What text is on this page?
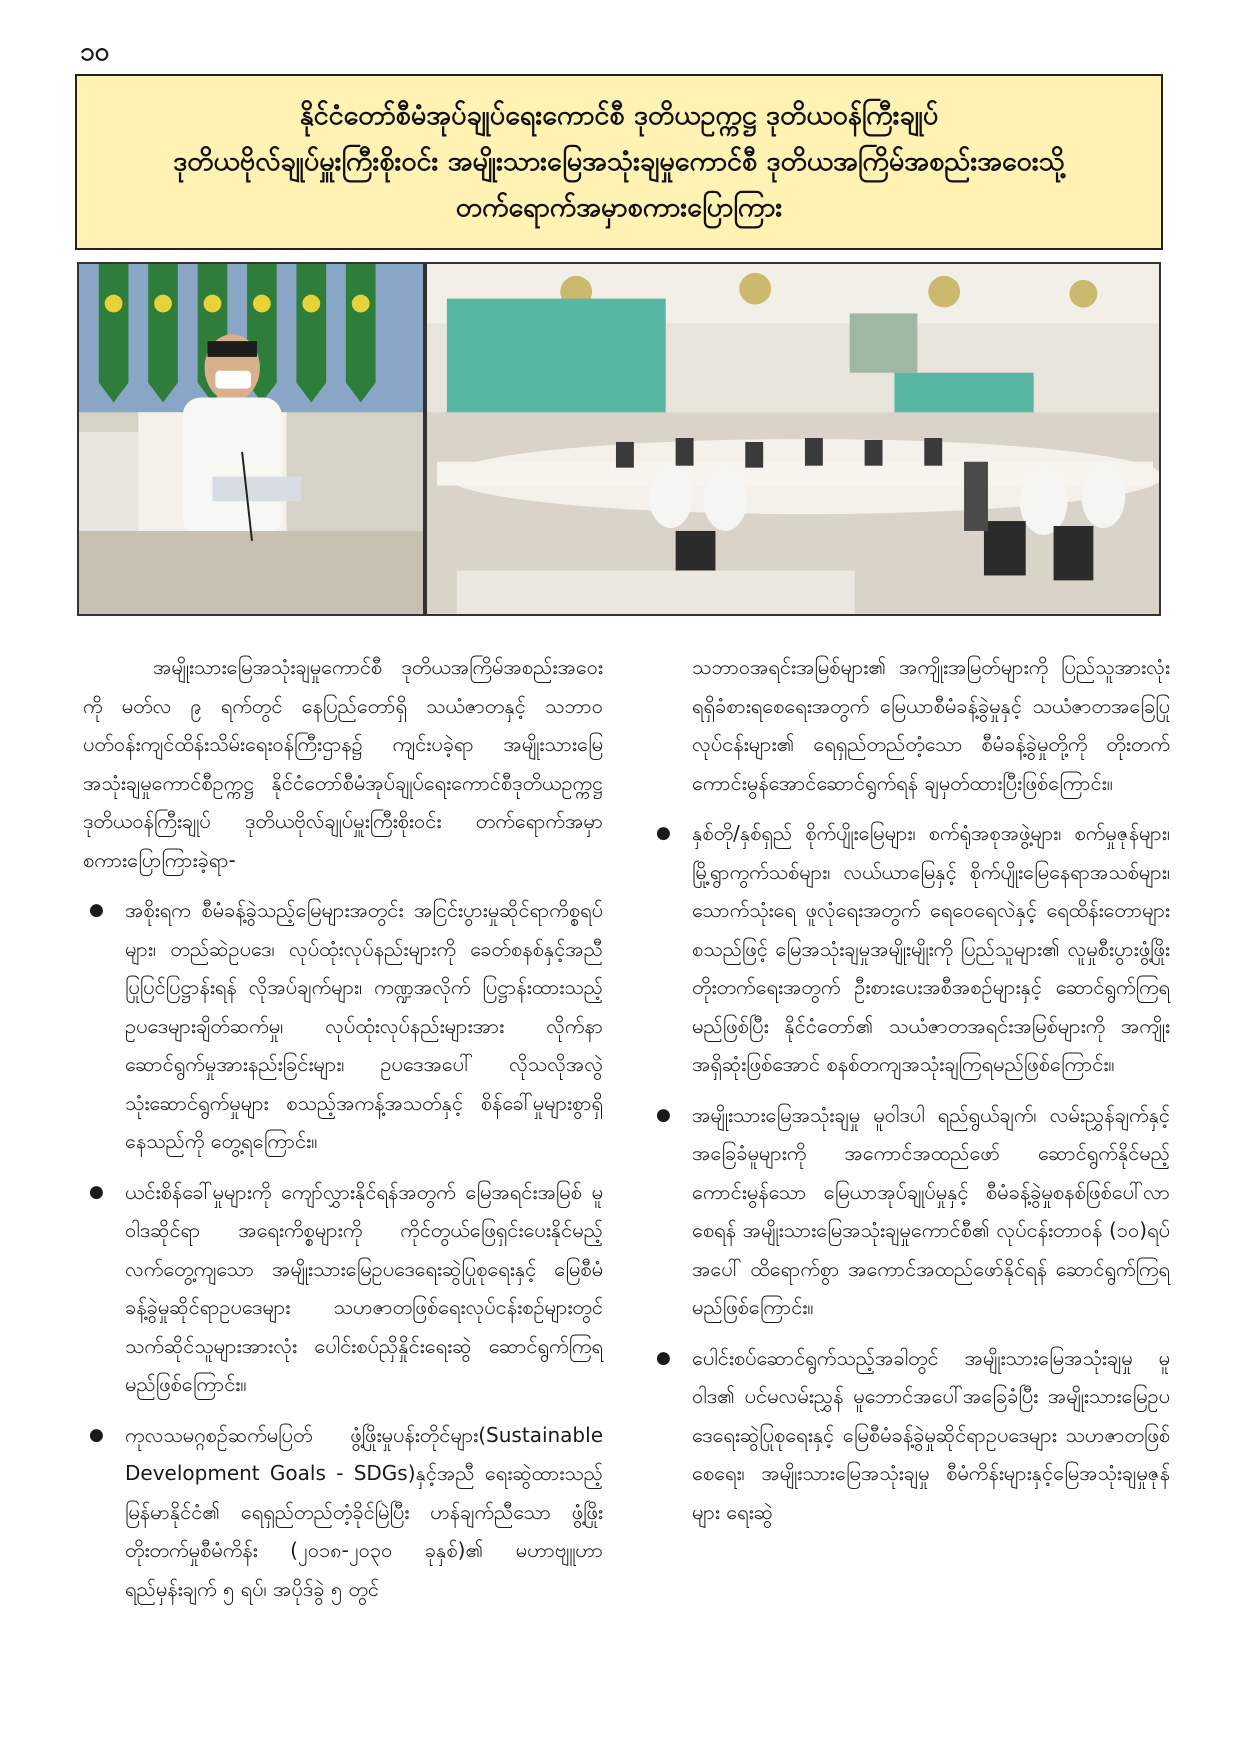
၁၀
နိုင်ငံတော်စီမံအုပ်ချုပ်ရေးကောင်စီ ဒုတိယဥက္ကဋ္ဌ ဒုတိယဝန်ကြီးချုပ်
ဒုတိယဗိုလ်ချုပ်မှူးကြီးစိုးဝင်း အမျိုးသားမြေအသုံးချမှုကောင်စီ ဒုတိယအကြိမ်အစည်းအဝေးသို့
တက်ရောက်အမှာစကားပြောကြား

အမျိုးသားမြေအသုံးချမှုကောင်စီ ဒုတိယအကြိမ်အစည်းအဝေးကို မတ်လ ၉ ရက်တွင် နေပြည်တော်ရှိ သယံဇာတနှင့် သဘာဝပတ်ဝန်းကျင်ထိန်းသိမ်းရေးဝန်ကြီးဌာန၌ ကျင်းပခဲ့ရာ အမျိုးသားမြေအသုံးချမှုကောင်စီဥက္ကဋ္ဌ နိုင်ငံတော်စီမံအုပ်ချုပ်ရေးကောင်စီဒုတိယဥက္ကဋ္ဌ ဒုတိယဝန်ကြီးချုပ် ဒုတိယဗိုလ်ချုပ်မှူးကြီးစိုးဝင်း တက်ရောက်အမှာစကားပြောကြားခဲ့ရာ-

● အစိုးရက စီမံခန့်ခွဲသည့်မြေများအတွင်း အငြင်းပွားမှုဆိုင်ရာကိစ္စရပ်များ၊ တည်ဆဲဥပဒေ၊ လုပ်ထုံးလုပ်နည်းများကို ခေတ်စနစ်နှင့်အညီ ပြုပြင်ပြဋ္ဌာန်းရန် လိုအပ်ချက်များ၊ ကဏ္ဍအလိုက် ပြဋ္ဌာန်းထားသည့် ဥပဒေများချိတ်ဆက်မှု၊ လုပ်ထုံးလုပ်နည်းများအား လိုက်နာဆောင်ရွက်မှုအားနည်းခြင်းများ၊ ဥပဒေအပေါ် လိုသလိုအလွဲသုံးဆောင်ရွက်မှုများ စသည့်အကန့်အသတ်နှင့် စိန်ခေါ်မှုများစွာရှိနေသည်ကို တွေ့ရကြောင်း။
● ယင်းစိန်ခေါ်မှုများကို ကျော်လွှားနိုင်ရန်အတွက် မြေအရင်းအမြစ် မူဝါဒဆိုင်ရာ အရေးကိစ္စများကို ကိုင်တွယ်ဖြေရှင်းပေးနိုင်မည့် လက်တွေ့ကျသော အမျိုးသားမြေဥပဒေရေးဆွဲပြုစုရေးနှင့် မြေစီမံခန့်ခွဲမှုဆိုင်ရာဥပဒေများ သဟဇာတဖြစ်ရေးလုပ်ငန်းစဉ်များတွင် သက်ဆိုင်သူများအားလုံး ပေါင်းစပ်ညှိနှိုင်းရေးဆွဲ ဆောင်ရွက်ကြရမည်ဖြစ်ကြောင်း။
● ကုလသမဂ္ဂစဉ်ဆက်မပြတ် ဖွံ့ဖြိုးမှုပန်းတိုင်များ(Sustainable Development Goals - SDGs)နှင့်အညီ ရေးဆွဲထားသည့် မြန်မာနိုင်ငံ၏ ရေရှည်တည်တံ့ခိုင်မြဲပြီး ဟန်ချက်ညီသော ဖွံ့ဖြိုးတိုးတက်မှုစီမံကိန်း (၂၀၁၈-၂၀၃၀ ခုနှစ်)၏ မဟာဗျူဟာရည်မှန်းချက် ၅ ရပ်၊ အပိုဒ်ခွဲ ၅ တွင်

သဘာဝအရင်းအမြစ်များ၏ အကျိုးအမြတ်များကို ပြည်သူအားလုံးရရှိခံစားရစေရေးအတွက် မြေယာစီမံခန့်ခွဲမှုနှင့် သယံဇာတအခြေပြုလုပ်ငန်းများ၏ ရေရှည်တည်တံ့သော စီမံခန့်ခွဲမှုတို့ကို တိုးတက်ကောင်းမွန်အောင်ဆောင်ရွက်ရန် ချမှတ်ထားပြီးဖြစ်ကြောင်း။

● နှစ်တို/နှစ်ရှည် စိုက်ပျိုးမြေများ၊ စက်ရုံအစုအဖွဲ့များ၊ စက်မှုဇုန်များ၊ မြို့ရွာကွက်သစ်များ၊ လယ်ယာမြေနှင့် စိုက်ပျိုးမြေနေရာအသစ်များ၊ သောက်သုံးရေ ဖူလုံရေးအတွက် ရေဝေရေလဲနှင့် ရေထိန်းတောများစသည်ဖြင့် မြေအသုံးချမှုအမျိုးမျိုးကို ပြည်သူများ၏ လူမှုစီးပွားဖွံ့ဖြိုးတိုးတက်ရေးအတွက် ဦးစားပေးအစီအစဉ်များနှင့် ဆောင်ရွက်ကြရမည်ဖြစ်ပြီး နိုင်ငံတော်၏ သယံဇာတအရင်းအမြစ်များကို အကျိုးအရှိဆုံးဖြစ်အောင် စနစ်တကျအသုံးချကြရမည်ဖြစ်ကြောင်း။
● အမျိုးသားမြေအသုံးချမှု မူဝါဒပါ ရည်ရွယ်ချက်၊ လမ်းညွှန်ချက်နှင့် အခြေခံမူများကို အကောင်အထည်ဖော် ဆောင်ရွက်နိုင်မည့် ကောင်းမွန်သော မြေယာအုပ်ချုပ်မှုနှင့် စီမံခန့်ခွဲမှုစနစ်ဖြစ်ပေါ်လာစေရန် အမျိုးသားမြေအသုံးချမှုကောင်စီ၏ လုပ်ငန်းတာဝန် (၁၀)ရပ်အပေါ် ထိရောက်စွာ အကောင်အထည်ဖော်နိုင်ရန် ဆောင်ရွက်ကြရမည်ဖြစ်ကြောင်း။
● ပေါင်းစပ်ဆောင်ရွက်သည့်အခါတွင် အမျိုးသားမြေအသုံးချမှု မူဝါဒ၏ ပင်မလမ်းညွှန် မူဘောင်အပေါ်အခြေခံပြီး အမျိုးသားမြေဥပဒေရေးဆွဲပြုစုရေးနှင့် မြေစီမံခန့်ခွဲမှုဆိုင်ရာဥပဒေများ သဟဇာတဖြစ်စေရေး၊ အမျိုးသားမြေအသုံးချမှု စီမံကိန်းများနှင့်မြေအသုံးချမှုဇုန်များ ရေးဆွဲ
